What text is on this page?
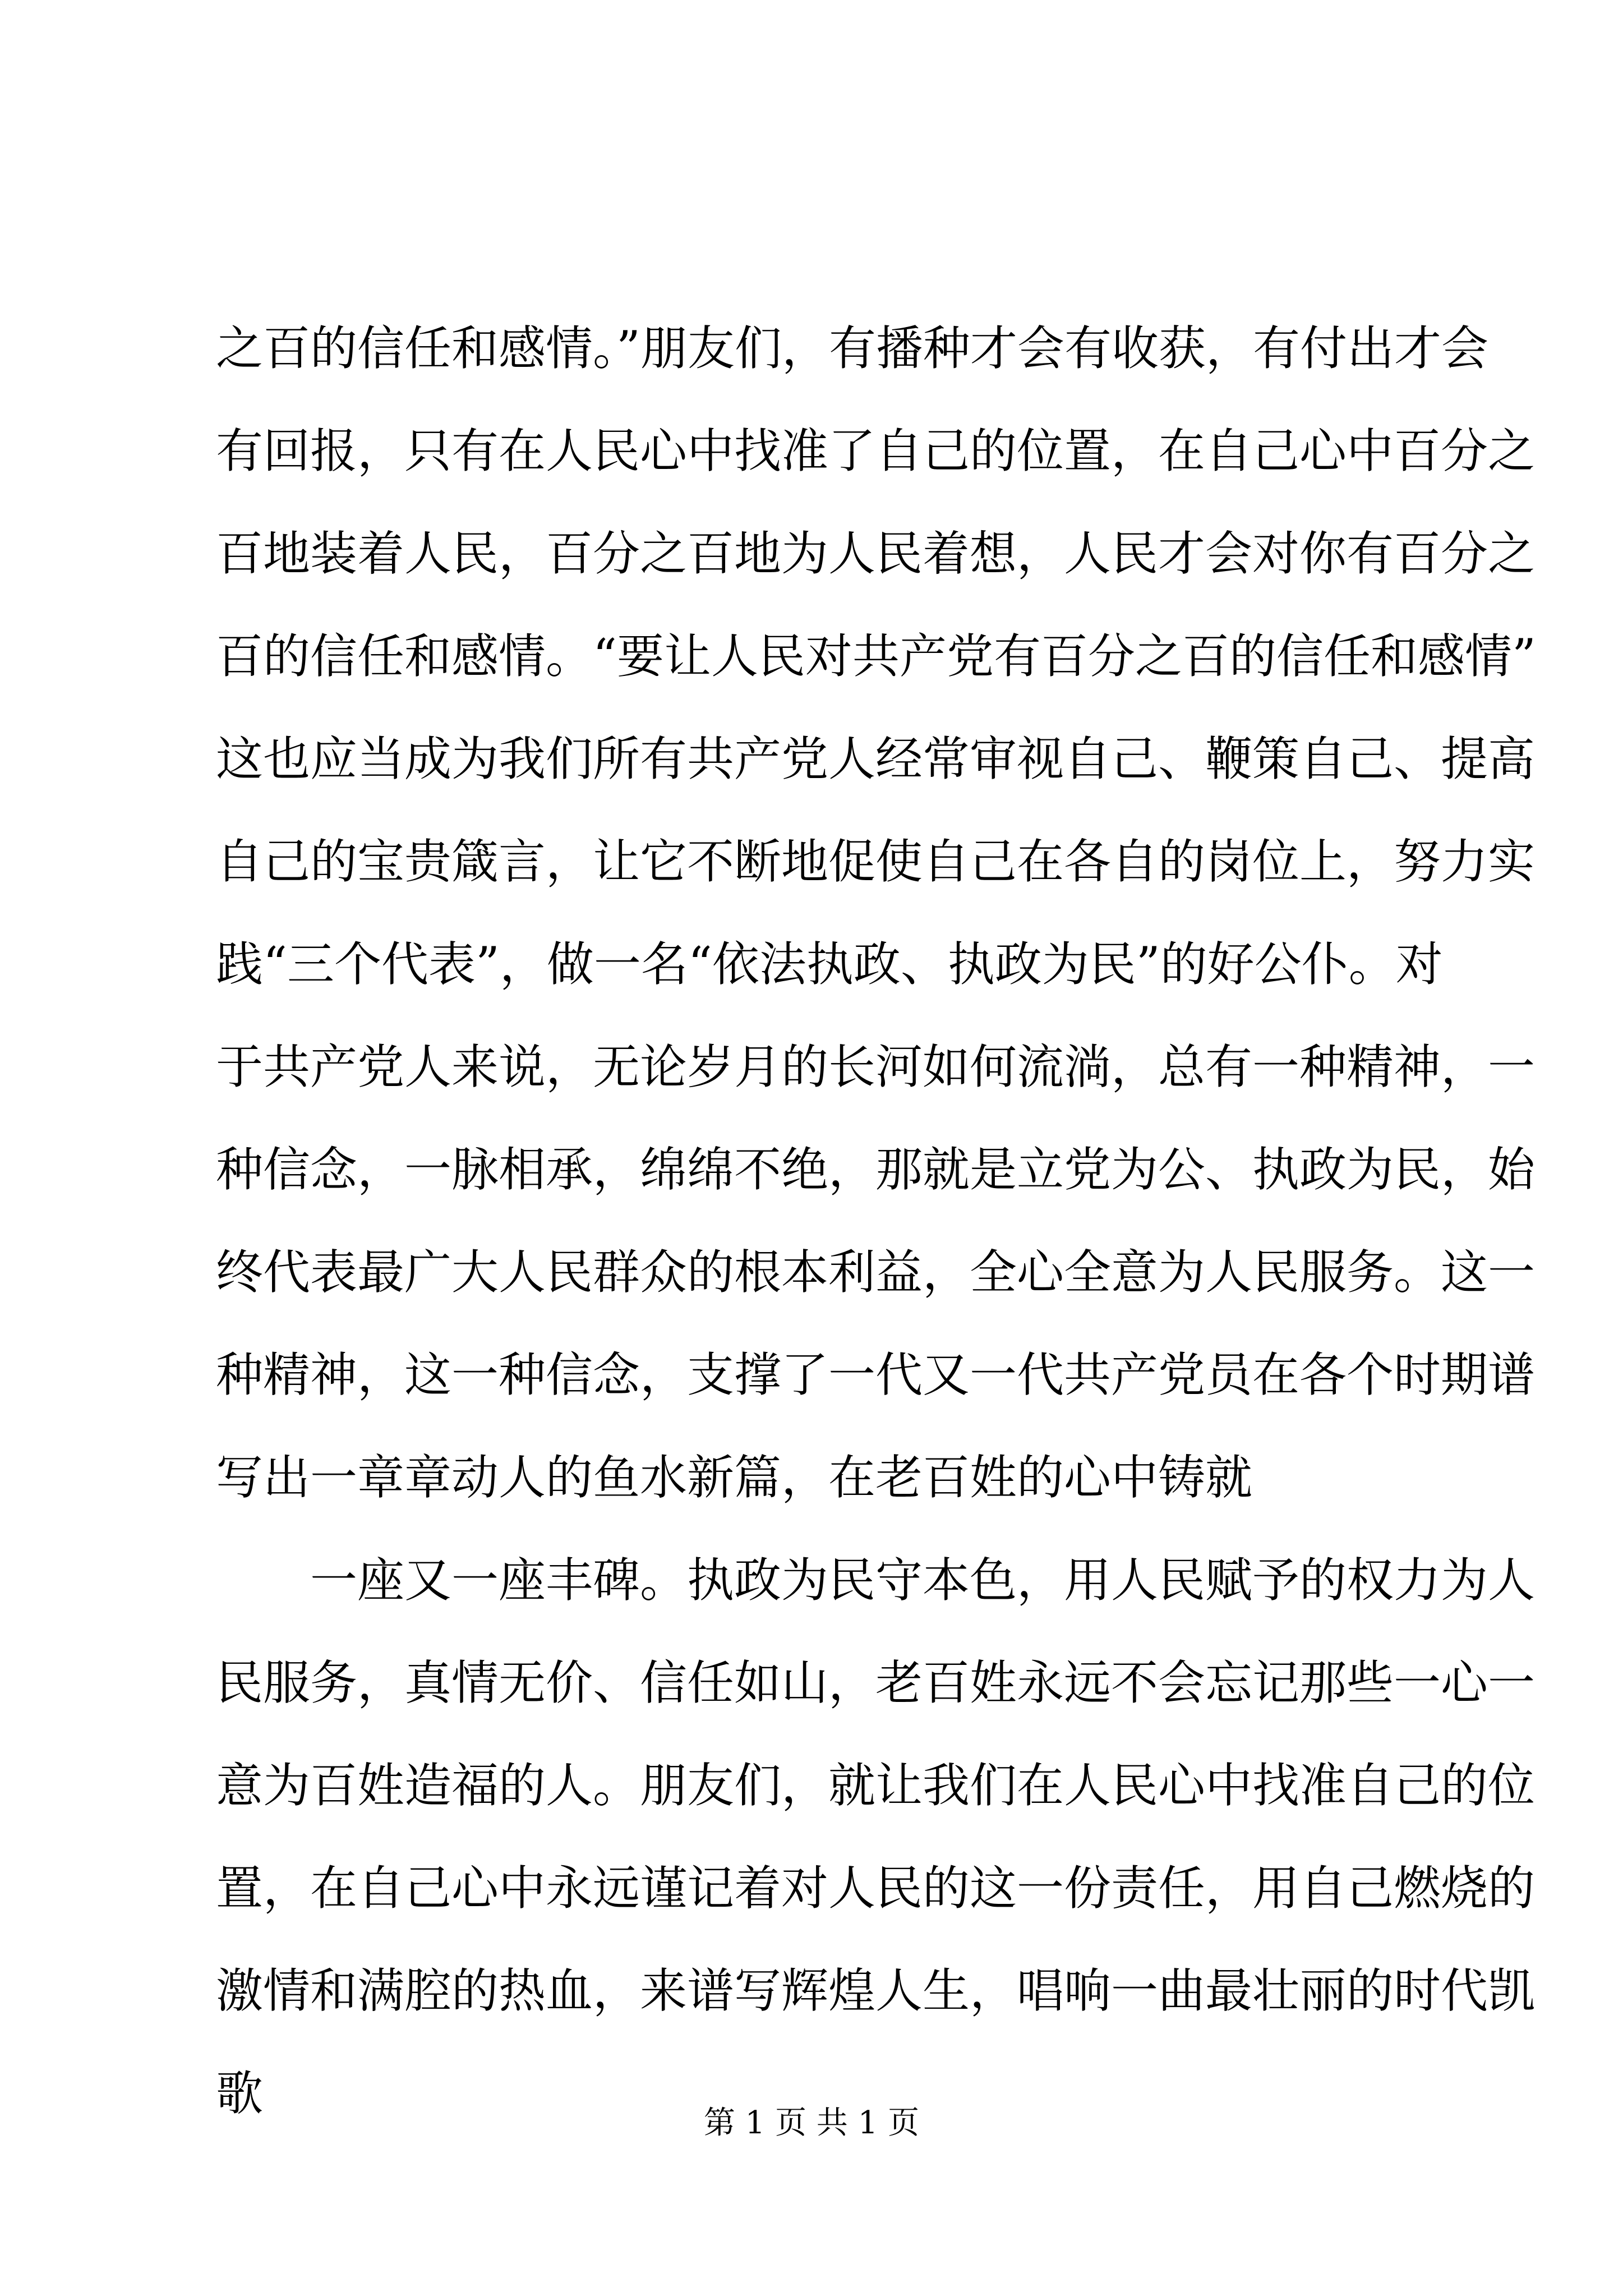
之百的信任和感情。”朋友们，有播种才会有收获，有付出才会
有回报，只有在人民心中找准了自己的位置，在自己心中百分之
百地装着人民，百分之百地为人民着想，人民才会对你有百分之
百的信任和感情。“要让人民对共产党有百分之百的信任和感情”
这也应当成为我们所有共产党人经常审视自己、鞭策自己、提高
自己的宝贵箴言，让它不断地促使自己在各自的岗位上，努力实
践“三个代表”，做一名“依法执政、执政为民”的好公仆。对
于共产党人来说，无论岁月的长河如何流淌，总有一种精神，一
种信念，一脉相承，绵绵不绝，那就是立党为公、执政为民，始
终代表最广大人民群众的根本利益，全心全意为人民服务。这一
种精神，这一种信念，支撑了一代又一代共产党员在各个时期谱
写出一章章动人的鱼水新篇，在老百姓的心中铸就
一座又一座丰碑。执政为民守本色，用人民赋予的权力为人
民服务，真情无价、信任如山，老百姓永远不会忘记那些一心一
意为百姓造福的人。朋友们，就让我们在人民心中找准自己的位
置，在自己心中永远谨记着对人民的这一份责任，用自己燃烧的
激情和满腔的热血，来谱写辉煌人生，唱响一曲最壮丽的时代凯
歌
第 1 页 共 1 页
